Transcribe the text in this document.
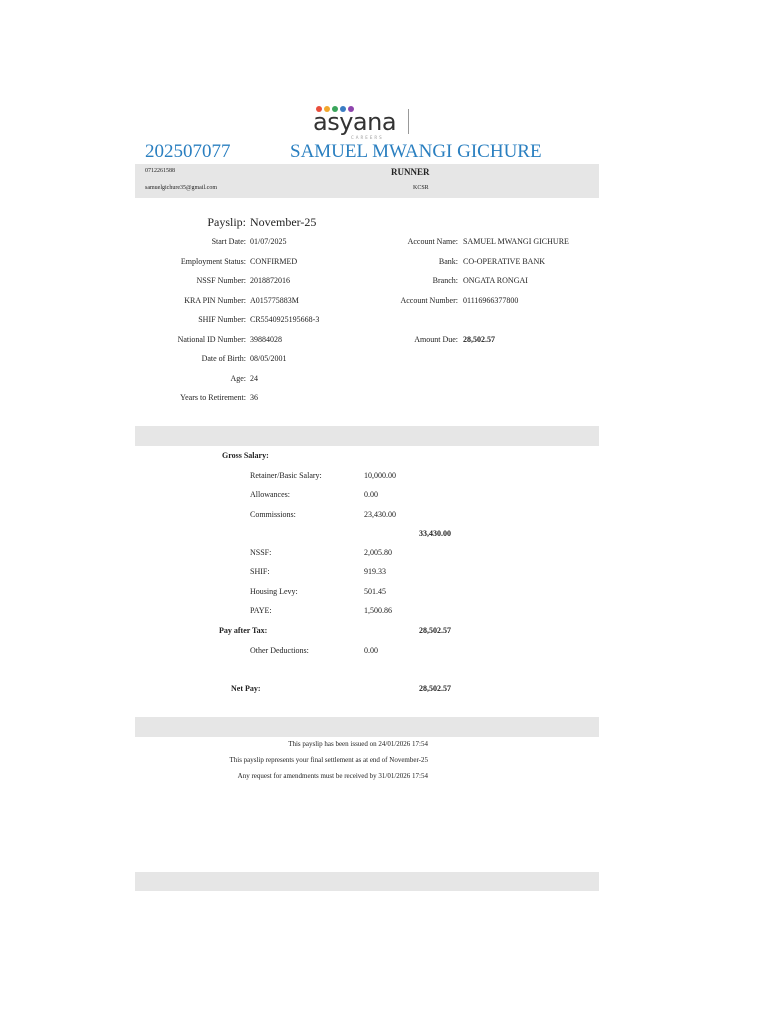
asyana
CAREERS
202507077	SAMUEL MWANGI GICHURE
0712261588	RUNNER
samuelgichure35@gmail.com	KCSR
Payslip: November-25
Start Date: 01/07/2025
Employment Status: CONFIRMED
NSSF Number: 2018872016
KRA PIN Number: A015775883M
SHIF Number: CR5540925195668-3
National ID Number: 39884028
Date of Birth: 08/05/2001
Age: 24
Years to Retirement: 36
Account Name: SAMUEL MWANGI GICHURE
Bank: CO-OPERATIVE BANK
Branch: ONGATA RONGAI
Account Number: 01116966377800
Amount Due: 28,502.57
Gross Salary:
Retainer/Basic Salary:	10,000.00
Allowances:	0.00
Commissions:	23,430.00
33,430.00
NSSF:	2,005.80
SHIF:	919.33
Housing Levy:	501.45
PAYE:	1,500.86
Pay after Tax:	28,502.57
Other Deductions:	0.00
Net Pay:	28,502.57
This payslip has been issued on 24/01/2026 17:54
This payslip represents your final settlement as at end of November-25
Any request for amendments must be received by 31/01/2026 17:54
